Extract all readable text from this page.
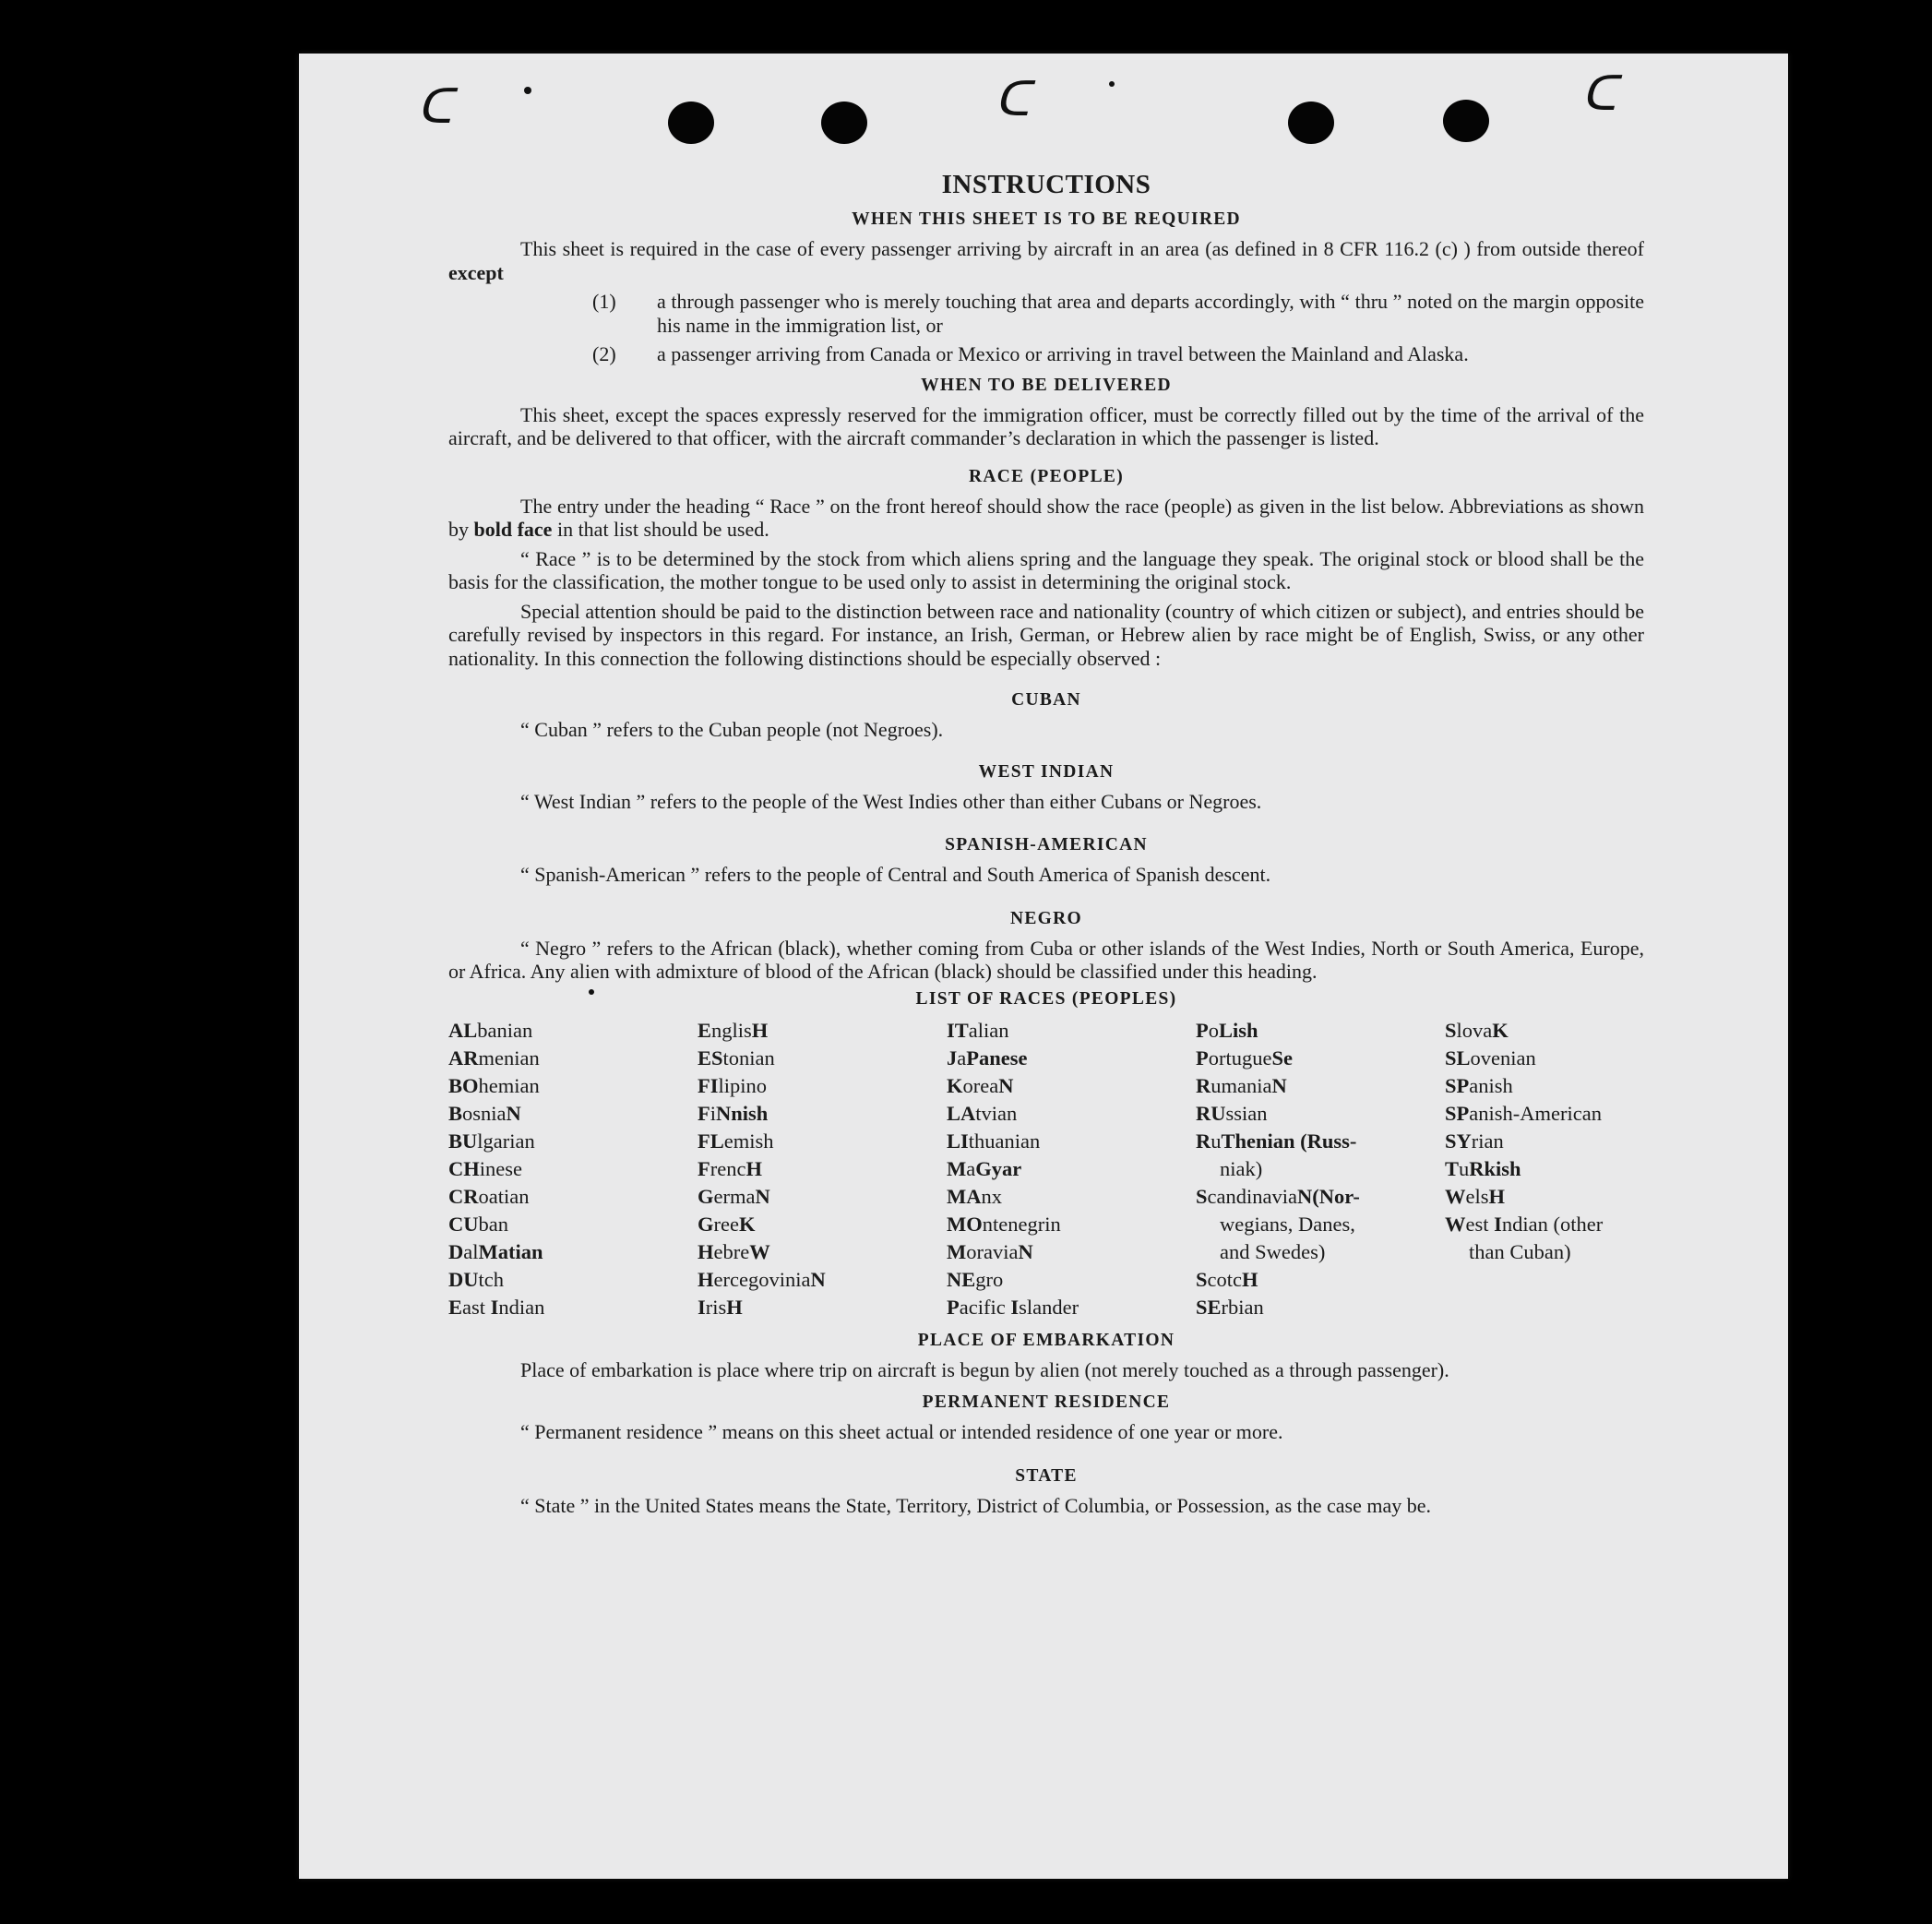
ᑕ	ᑕ	ᑕ
INSTRUCTIONS
WHEN THIS SHEET IS TO BE REQUIRED

This sheet is required in the case of every passenger arriving by aircraft in an area (as defined in 8 CFR 116.2 (c) ) from outside thereof except

(1) a through passenger who is merely touching that area and departs accordingly, with “ thru ” noted on the margin opposite his name in the immigration list, or
(2) a passenger arriving from Canada or Mexico or arriving in travel between the Mainland and Alaska.
WHEN TO BE DELIVERED

This sheet, except the spaces expressly reserved for the immigration officer, must be correctly filled out by the time of the arrival of the aircraft, and be delivered to that officer, with the aircraft commander’s declaration in which the passenger is listed.

RACE (PEOPLE)

The entry under the heading “ Race ” on the front hereof should show the race (people) as given in the list below. Abbreviations as shown by bold face in that list should be used.

“ Race ” is to be determined by the stock from which aliens spring and the language they speak. The original stock or blood shall be the basis for the classification, the mother tongue to be used only to assist in determining the original stock.

Special attention should be paid to the distinction between race and nationality (country of which citizen or subject), and entries should be carefully revised by inspectors in this regard. For instance, an Irish, German, or Hebrew alien by race might be of English, Swiss, or any other nationality. In this connection the following distinctions should be especially observed :

CUBAN
“ Cuban ” refers to the Cuban people (not Negroes).
WEST INDIAN
“ West Indian ” refers to the people of the West Indies other than either Cubans or Negroes.
SPANISH-AMERICAN
“ Spanish-American ” refers to the people of Central and South America of Spanish descent.
NEGRO

“ Negro ” refers to the African (black), whether coming from Cuba or other islands of the West Indies, North or South America, Europe, or Africa. Any alien with admixture of blood of the African (black) should be classified under this heading.

LIST OF RACES (PEOPLES)
ALbanian
ARmenian
BOhemian
BosniaN
BUlgarian
CHinese
CRoatian
CUban
DalMatian
DUtch
East Indian
EnglisH
EStonian
FIlipino
FiNnish
FLemish
FrencH
GermaN
GreeK
HebreW
HercegoviniaN
IrisH
ITalian
JaPanese
KoreaN
LAtvian
LIthuanian
MaGyar
MAnx
MOntenegrin
MoraviaN
NEgro
Pacific Islander
PoLish
PortugueSe
RumaniaN
RUssian
RuThenian (Russ-
niak)
ScandinaviaN(Nor-
wegians, Danes,
and Swedes)
ScotcH
SErbian
SlovaK
SLovenian
SPanish
SPanish-American
SYrian
TuRkish
WelsH
West Indian (other
than Cuban)
PLACE OF EMBARKATION

Place of embarkation is place where trip on aircraft is begun by alien (not merely touched as a through passenger).

PERMANENT RESIDENCE
“ Permanent residence ” means on this sheet actual or intended residence of one year or more.
STATE

“ State ” in the United States means the State, Territory, District of Columbia, or Possession, as the case may be.
